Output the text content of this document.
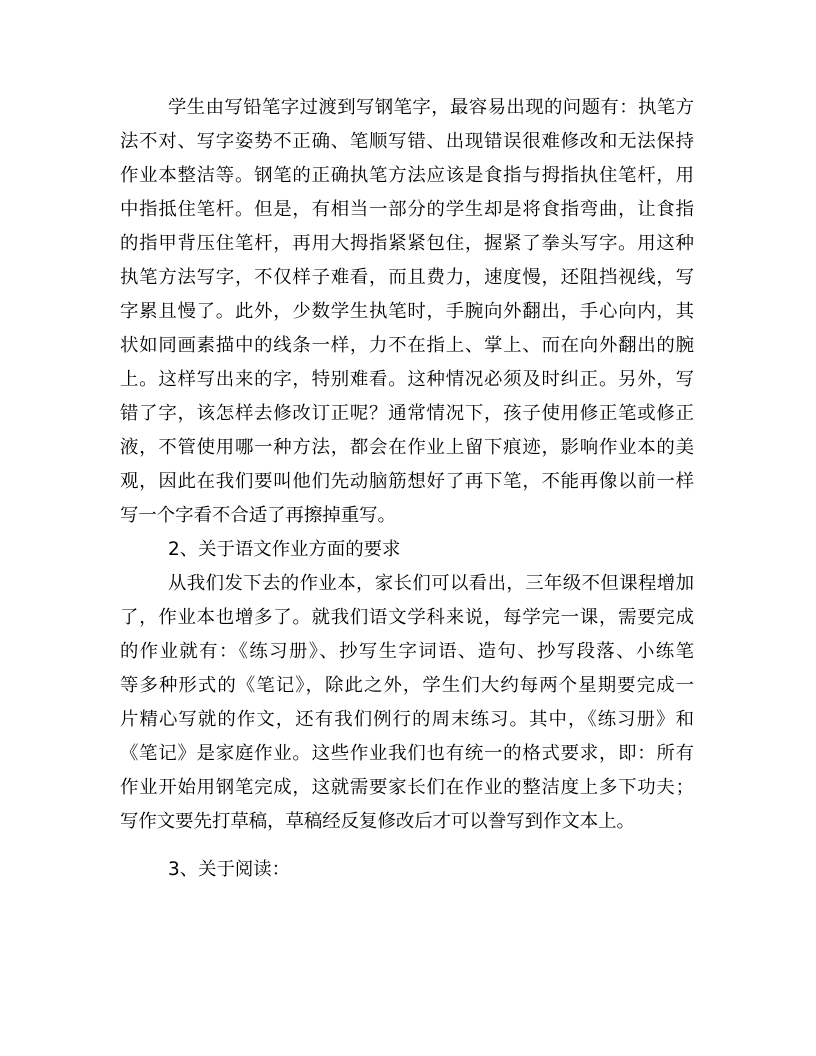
学生由写铅笔字过渡到写钢笔字，最容易出现的问题有：执笔方
法不对、写字姿势不正确、笔顺写错、出现错误很难修改和无法保持
作业本整洁等。钢笔的正确执笔方法应该是食指与拇指执住笔杆，用
中指抵住笔杆。但是，有相当一部分的学生却是将食指弯曲，让食指
的指甲背压住笔杆，再用大拇指紧紧包住，握紧了拳头写字。用这种
执笔方法写字，不仅样子难看，而且费力，速度慢，还阻挡视线，写
字累且慢了。此外，少数学生执笔时，手腕向外翻出，手心向内，其
状如同画素描中的线条一样，力不在指上、掌上、而在向外翻出的腕
上。这样写出来的字，特别难看。这种情况必须及时纠正。另外，写
错了字，该怎样去修改订正呢？通常情况下，孩子使用修正笔或修正
液，不管使用哪一种方法，都会在作业上留下痕迹，影响作业本的美
观，因此在我们要叫他们先动脑筋想好了再下笔，不能再像以前一样
写一个字看不合适了再擦掉重写。
2、关于语文作业方面的要求
从我们发下去的作业本，家长们可以看出，三年级不但课程增加
了，作业本也增多了。就我们语文学科来说，每学完一课，需要完成
的作业就有：《练习册》、抄写生字词语、造句、抄写段落、小练笔
等多种形式的《笔记》，除此之外，学生们大约每两个星期要完成一
片精心写就的作文，还有我们例行的周末练习。其中，《练习册》和
《笔记》是家庭作业。这些作业我们也有统一的格式要求，即：所有
作业开始用钢笔完成，这就需要家长们在作业的整洁度上多下功夫；
写作文要先打草稿，草稿经反复修改后才可以誊写到作文本上。
3、关于阅读：
